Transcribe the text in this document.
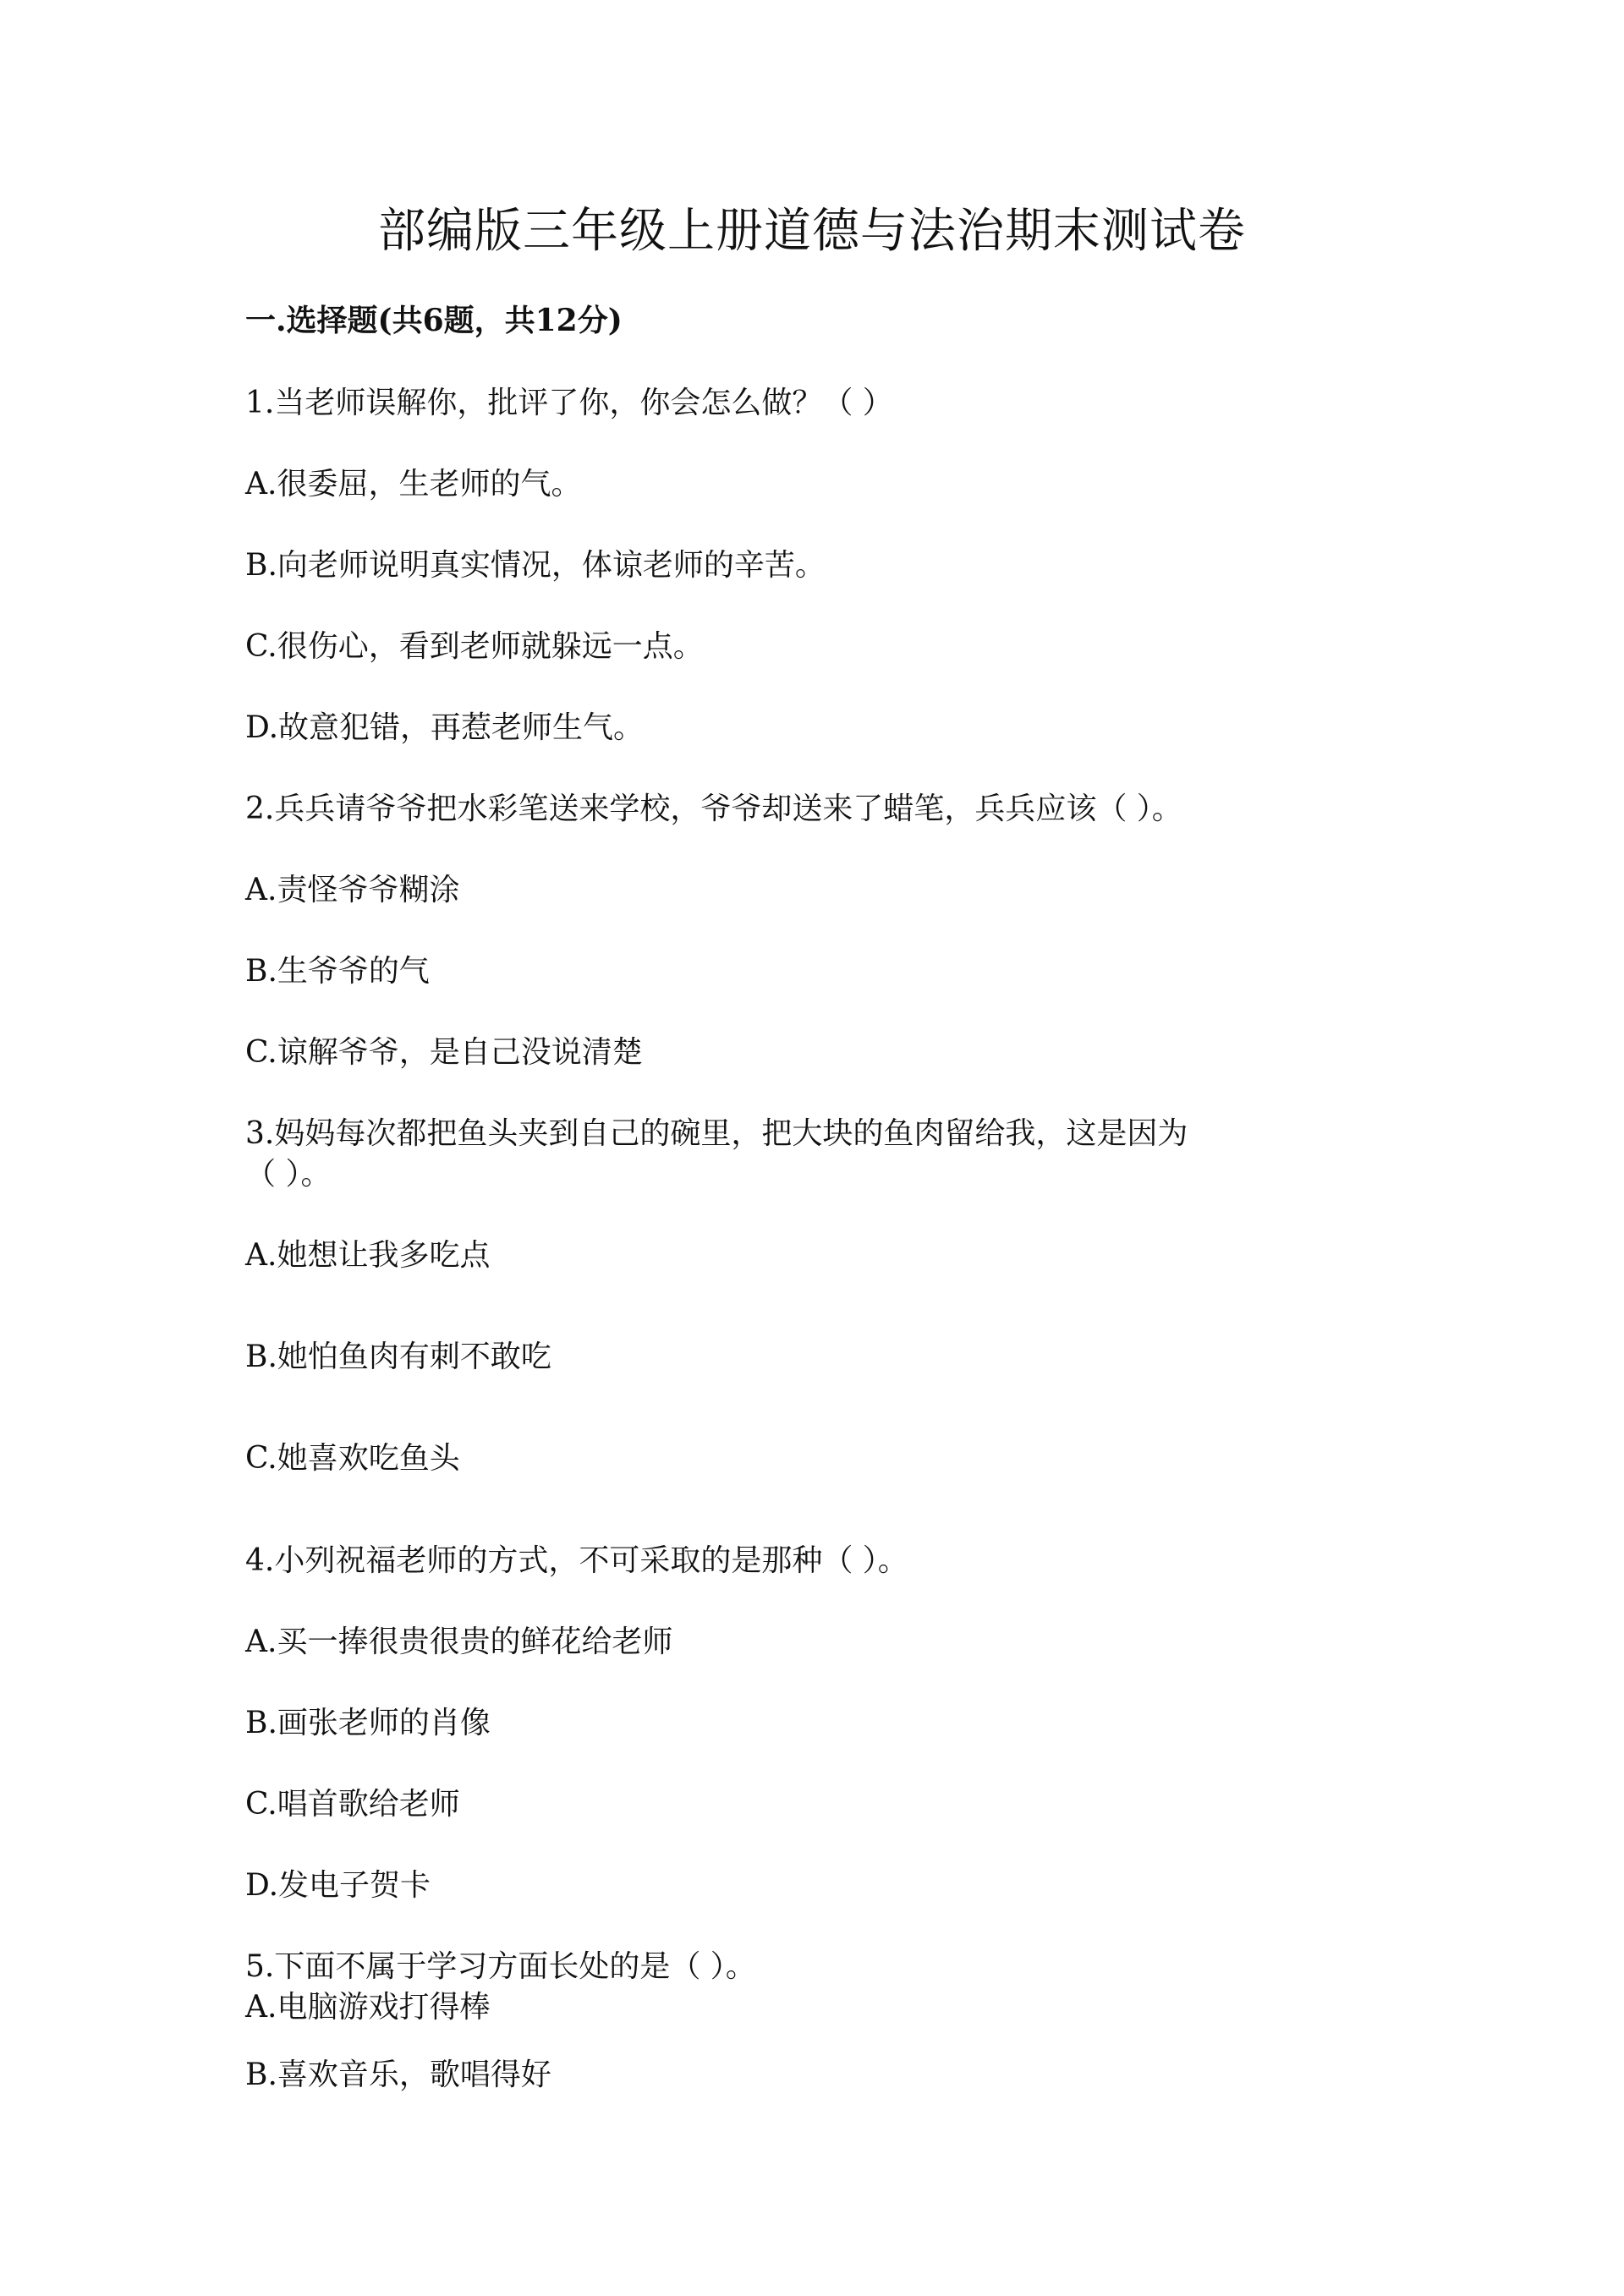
部编版三年级上册道德与法治期末测试卷
一.选择题(共6题，共12分)
1.当老师误解你，批评了你，你会怎么做？（ ）
A.很委屈，生老师的气。
B.向老师说明真实情况，体谅老师的辛苦。
C.很伤心，看到老师就躲远一点。
D.故意犯错，再惹老师生气。
2.兵兵请爷爷把水彩笔送来学校，爷爷却送来了蜡笔，兵兵应该（ ）。
A.责怪爷爷糊涂
B.生爷爷的气
C.谅解爷爷，是自己没说清楚
3.妈妈每次都把鱼头夹到自己的碗里，把大块的鱼肉留给我，这是因为
（ ）。
A.她想让我多吃点
B.她怕鱼肉有刺不敢吃
C.她喜欢吃鱼头
4.小列祝福老师的方式，不可采取的是那种（ ）。
A.买一捧很贵很贵的鲜花给老师
B.画张老师的肖像
C.唱首歌给老师
D.发电子贺卡
5.下面不属于学习方面长处的是（ ）。
A.电脑游戏打得棒
B.喜欢音乐，歌唱得好
